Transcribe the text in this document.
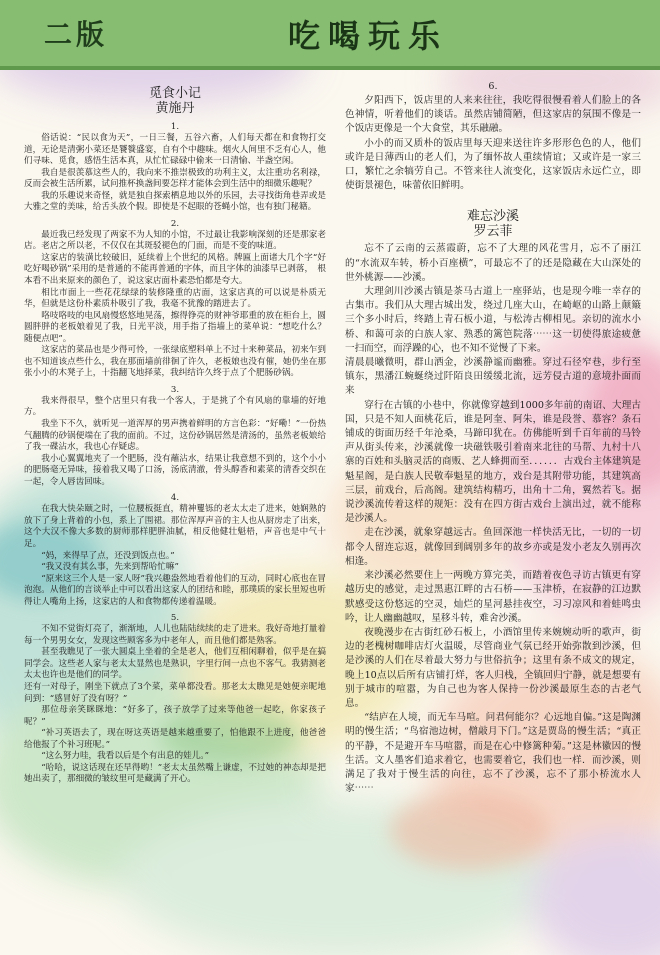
二版	吃喝玩乐
觅食小记
黄施丹
1.

俗话说：“民以食为天”，一日三餐，五谷六畜，人们每天都在和食物打交道，无论是清粥小菜还是饕餮盛宴，自有个中趣味。烟火人间里不乏有心人，他们寻味、觅食，感悟生活本真，从忙忙碌碌中偷来一日清愉、半盏空闲。

我自是很羡慕这些人的，我向来不推崇极致的功利主义，太注重功名利禄，反而会被生活所累，试问推杯换盏间要怎样才能体会到生活中的细微乐趣呢？

我的乐趣说来奇怪，就是独自探索栖息地以外的乐园，去寻找街角巷弄或是大雅之堂的美味，给舌头放个假。即使是不起眼的苍蝇小馆，也有独门秘籍。

2.

最近我已经发现了两家不为人知的小馆，不过最让我影响深刻的还是那家老店。老店之所以老，不仅仅在其斑驳褪色的门面，而是不变的味道。

这家店的装潢比较破旧，延续着上个世纪的风格。牌匾上面诸大几个字“好吃好喝砂锅”采用的是普通的不能再普通的字体，而且字体的油漆早已剥落，　根本看不出来原来的颜色了，说这家店面朴素恐怕都是夸大。

相比市面上一些花花绿绿的装修隆重的店面，这家店真的可以说是朴质无华，但就是这份朴素质朴吸引了我，我毫不犹豫的踏进去了。

咯吱咯吱的电风扇慢悠悠地晃荡，擦得铮亮的财神爷耶重的放在柜台上，圆圆胖胖的老板娘着见了我，日光平淡，用手指了指墙上的菜单说：“想吃什么？随便点吧”。

这家店的菜品也是少得可怜，一张绿底塑料单上不过十来种菜品，初来乍到也不知道该点些什么，我在那面墙前徘徊了许久，老板娘也没有催，她仍坐在那张小小的木凳子上，十指翻飞地择菜，我纠结许久终于点了个肥肠砂锅。

3.

我来得很早，整个店里只有我一个客人，于是挑了个有风扇的靠墙的好地方。

我坐下不久，就听见一道浑厚的男声携着鲜明的方言色彩：“好嘞！”一份热气翻腾的砂锅便端在了我的面前。不过，这份砂锅居然是清汤的，虽然老板娘给了我一碟沾水，我也心存疑虑。

我小心翼翼地夹了一个肥肠，没有蘸沾水，结果让我意想不到的，这个小小的肥肠毫无异味，接着我又喝了口汤，汤底清澈，骨头醇香和素菜的清香交织在一起，令人唇齿回味。

4.

在我大快朵颐之时，一位腰板挺直，精神矍铄的老太太走了进来，她娴熟的放下了身上背着的小包，系上了围裙。那位浑厚声音的主人也从厨房走了出来，这个大汉不像大多数的厨师那样肥胖油腻，相反他健壮魁梧，声音也是中气十足。

“妈，来得早了点，还没到饭点也。”

“我又没有其么事，先来到帮哈忙嘛”

“原来这三个人是一家人呀”我兴趣盎然地看着他们的互动，同时心底也在冒泡泡。从他们的言谈举止中可以看出这家人的团结和睦，那璞质的家长里短也听得让人嘴角上扬，这家店的人和食物都传递着温暖。

5.

不知不觉街灯亮了，渐渐地，人儿也陆陆续续的走了进来。我好奇地打量着每一个男男女女，发现这些顾客多为中老年人，而且他们都是熟客。

甚至我瞧见了一张大圆桌上坐着的全是老人，他们互相闲聊着，似乎是在搞同学会。这些老人家与老太太显然也是熟识，字里行间一点也不客气。我猜测老太太也许也是他们的同学。

还有一对母子，刚坐下就点了3个菜，菜单都没看。那老太太瞧见是她便亲昵地问到：“感冒好了没有呀？”

那位母亲笑眯眯地：“好多了，孩子放学了过来等他爸一起吃，你家孩子呢？”

“补习英语去了，现在呀这英语是越来越重要了，怕他跟不上进度，他爸爸给他报了个补习班呢。”

“这么努力哇，我看以后是个有出息的娃儿。”

“哈哈，说这话现在还早得哟！”老太太虽然嘴上谦虚，不过她的神态却是把她出卖了，那细微的皱纹里可是藏满了开心。

6.

夕阳西下，饭店里的人来来往往，我吃得很慢看着人们脸上的各色神情，听着他们的谈话。虽然店铺简陋，但这家店的氛围不像是一个饭店更像是一个大食堂，其乐融融。

小小的而又质朴的饭店里每天迎来送往许多形形色色的人，他们或许是日薄西山的老人们，为了缅怀故人重续情谊；又或许是一家三口，繁忙之余犒劳自己。不管来往人流变化，这家饭店永远伫立，即使街景褪色，味蕾依旧鲜明。

难忘沙溪
罗云菲

忘不了云南的云蒸霞蔚，忘不了大理的风花雪月，忘不了丽江的“水流双车转，桥小百座横”，可最忘不了的还是隐藏在大山深处的世外桃源——沙溪。

大理剑川沙溪古镇是茶马古道上一座驿站，也是现今唯一幸存的古集市。我们从大理古城出发，绕过几座大山，在崎岖的山路上颠簸三个多小时后，终踏上青石板小道，与松涛古柳相见。亲切的流水小桥、和蔼可亲的白族人家、熟悉的篱笆院落⋯⋯这一切使得旅途疲惫一扫而空，而浮躁的心，也不知不觉慢了下来。

清晨晨曦微明，群山洒金，沙溪静谧而幽雅。穿过石径窄巷，步行至镇东，黑潘江蜿蜒绕过阡陌良田缓缓北流，远芳侵古道的意境扑面而来

穿行在古镇的小巷中，你就像穿越到1000多年前的南诏、大理古国，只是不知人面桃花后，谁是阿奎、阿朱，谁是段誉、慕容？条石铺成的街面历经千年沧桑，马蹄印犹在。仿佛能听到千百年前的马铃声从街头传来，沙溪就像一块磁铁吸引着南来北往的马帮、九村十八寨的百姓和头脑灵活的商贩、艺人蜂拥而至．．．．．．古戏台主体建筑是魁星阁，是白族人民敬奉魁星的地方，戏台是其附带功能，其建筑高三层，前戏台，后高阁。建筑结构精巧，出角十二角，翼然若飞。据说沙溪流传着这样的规矩：没有在四方街古戏台上演出过，就不能称是沙溪人。

走在沙溪，就象穿越远古。鱼回深池一样快活无比，一切的一切都令人留连忘返，就像回到阔别多年的故乡亦或是发小老友久别再次相逢。

来沙溪必然要住上一两晚方算完美，而踏着夜色寻访古镇更有穿越历史的感觉，走过黑惠江畔的古石桥——玉津桥，在寂静的江边默默感受这份悠远的空灵，灿烂的星河悬挂夜空，习习凉风和着蛙鸣虫吟，让人幽幽越叹，星移斗转，难舍沙溪。

夜晚漫步在古街红砂石板上，小酒馆里传来婉婉动听的歌声，街边的老槐树咖啡店灯火温暖，尽管商业气氛已经开始弥散到沙溪，但是沙溪的人们在尽着最大努力与世俗抗争；这里有条不成文的规定，晚上10点以后所有店铺打烊，客人归栈，全镇回归宁静，就是想要有别于城市的喧嚣，为自己也为客人保持一份沙溪最原生态的古老气息。

“结庐在人境，而无车马喧。问君何能尔？心远地自偏。”这是陶渊明的慢生活；“鸟宿池边树，僧敲月下门。”这是贾岛的慢生活；“真正的平静，不是避开车马喧嚣，而是在心中修篱种菊。”这是林徽因的慢生活。文人墨客们追求着它，也需要着它，我们也一样．而沙溪，则满足了我对于慢生活的向往，忘不了沙溪，忘不了那小桥流水人家⋯⋯
